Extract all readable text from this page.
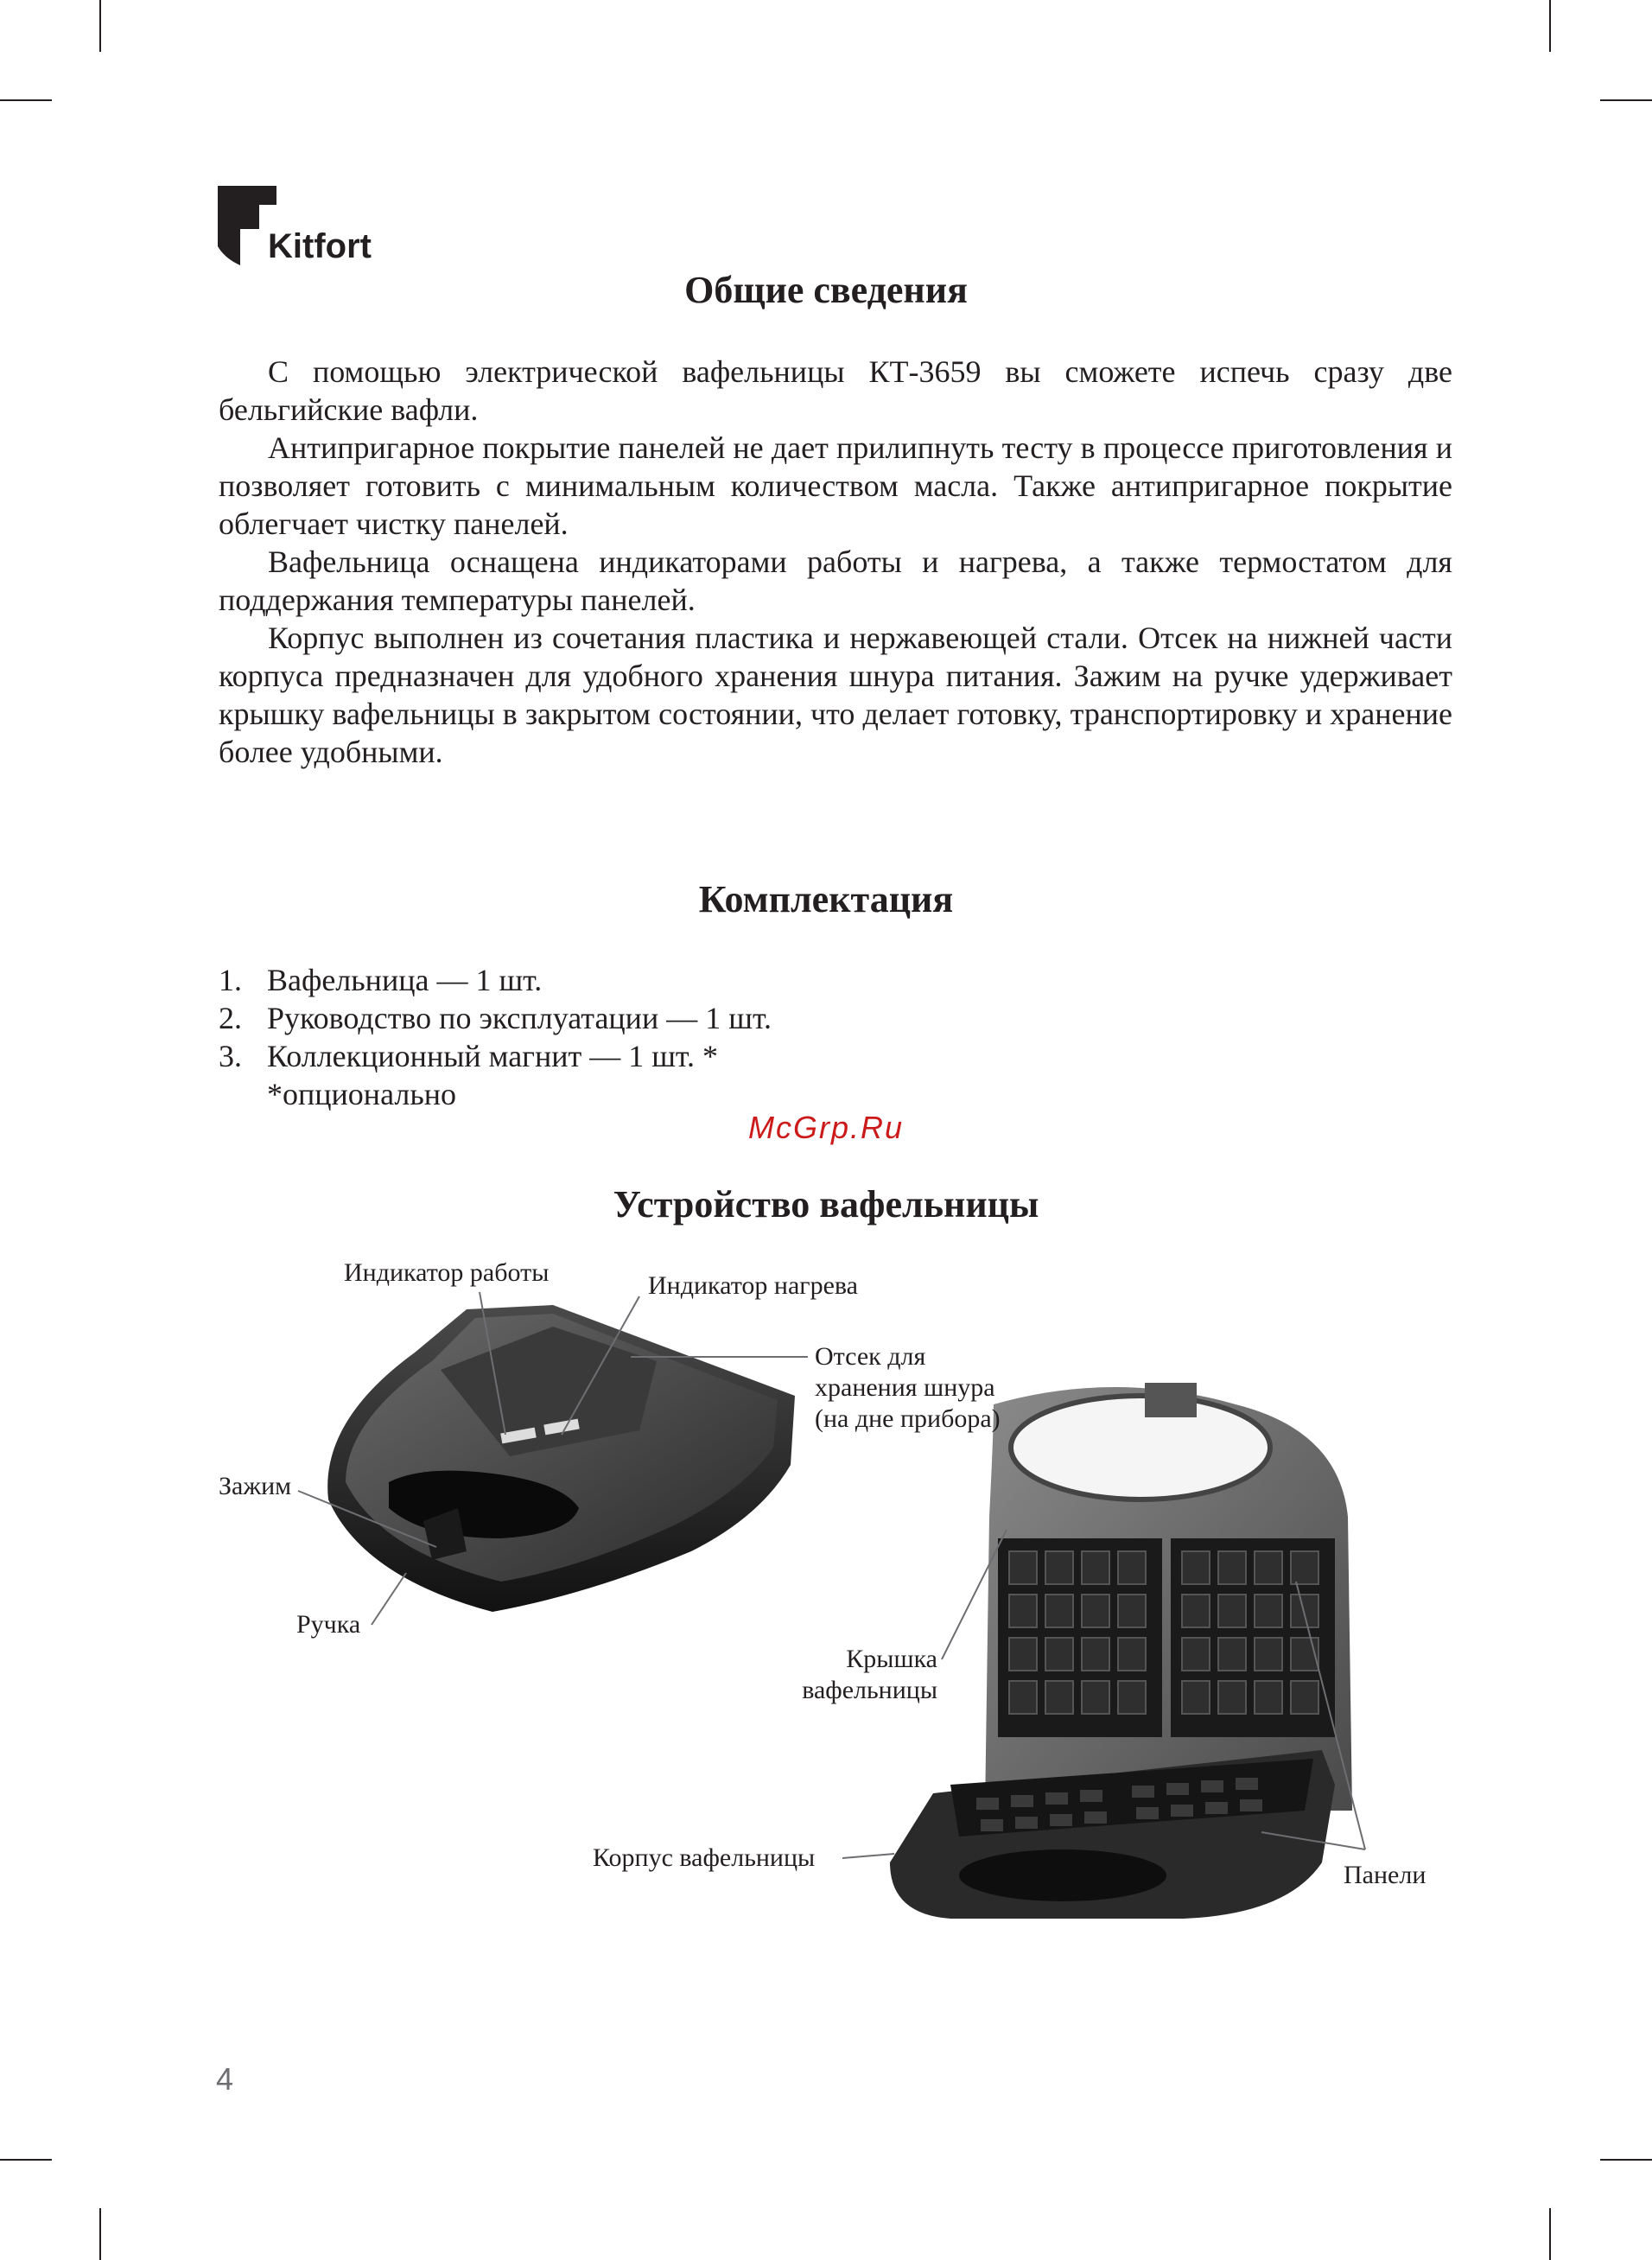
Kitfort
Общие сведения

С помощью электрической вафельницы КТ-3659 вы сможете испечь сразу две бельгийские вафли.

Антипригарное покрытие панелей не дает прилипнуть тесту в процессе приготовления и позволяет готовить с минимальным количеством масла. Также антипригарное покрытие облегчает чистку панелей.

Вафельница оснащена индикаторами работы и нагрева, а также термостатом для поддержания температуры панелей.

Корпус выполнен из сочетания пластика и нержавеющей стали. Отсек на нижней части корпуса предназначен для удобного хранения шнура питания. Зажим на ручке удерживает крышку вафельницы в закрытом состоянии, что делает готовку, транспортировку и хранение более удобными.

Комплектация
1. Вафельница — 1 шт.
2. Руководство по эксплуатации — 1 шт.
3. Коллекционный магнит — 1 шт. *
*опционально
McGrp.Ru
Устройство вафельницы
Индикатор работы	Индикатор нагрева
Отсек для
хранения шнура
(на дне прибора)
Зажим
Ручка
Крышка
вафельницы
Корпус вафельницы
Панели
4
